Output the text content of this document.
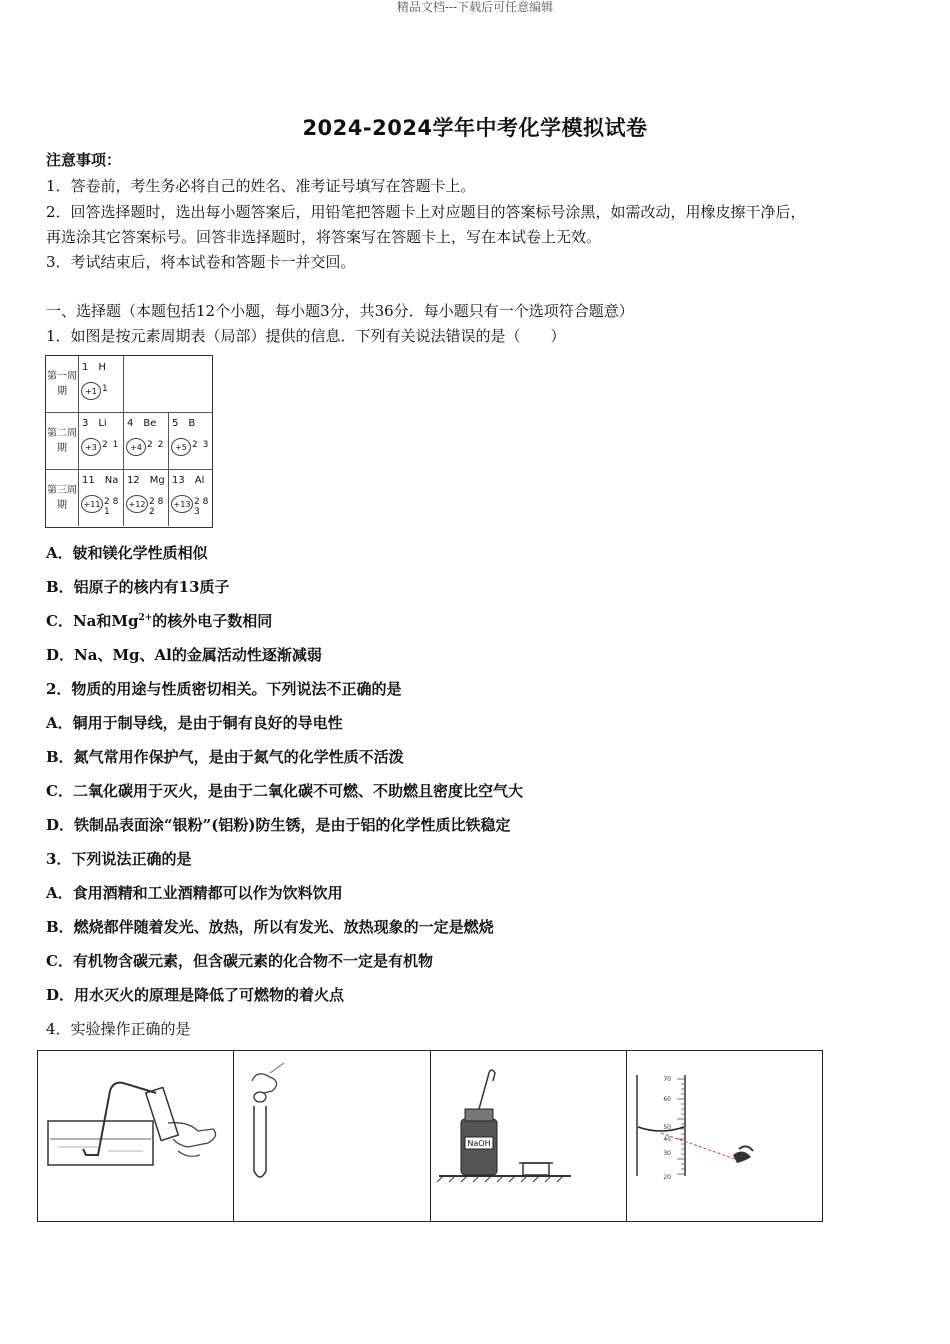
精品文档---下载后可任意编辑
2024-2024学年中考化学模拟试卷
注意事项：
1．答卷前，考生务必将自己的姓名、准考证号填写在答题卡上。
2．回答选择题时，选出每小题答案后，用铅笔把答题卡上对应题目的答案标号涂黑，如需改动，用橡皮擦干净后，
再选涂其它答案标号。回答非选择题时，将答案写在答题卡上，写在本试卷上无效。
3．考试结束后，将本试卷和答题卡一并交回。
一、选择题（本题包括12个小题，每小题3分，共36分．每小题只有一个选项符合题意）
1．如图是按元素周期表（局部）提供的信息．下列有关说法错误的是（　　）
第一周期
1　H
+1 1
第二周期
3　Li
+3 2 1
4　Be
+4 2 2
5　B
+5 2 3
第三周期
11　Na
+11 2 8 1
12　Mg
+12 2 8 2
13　Al
+13 2 8 3
A．铍和镁化学性质相似
B．铝原子的核内有13质子
C．Na和$Mg^{2+}$的核外电子数相同
D．Na、Mg、Al的金属活动性逐渐减弱
2．物质的用途与性质密切相关。下列说法不正确的是
A．铜用于制导线，是由于铜有良好的导电性
B．氮气常用作保护气，是由于氮气的化学性质不活泼
C．二氧化碳用于灭火，是由于二氧化碳不可燃、不助燃且密度比空气大
D．铁制品表面涂“银粉”(铝粉)防生锈，是由于铝的化学性质比铁稳定
3．下列说法正确的是
A．食用酒精和工业酒精都可以作为饮料饮用
B．燃烧都伴随着发光、放热，所以有发光、放热现象的一定是燃烧
C．有机物含碳元素，但含碳元素的化合物不一定是有机物
D．用水灭火的原理是降低了可燃物的着火点
4．实验操作正确的是
NaOH
70
60
50
40
30
20
